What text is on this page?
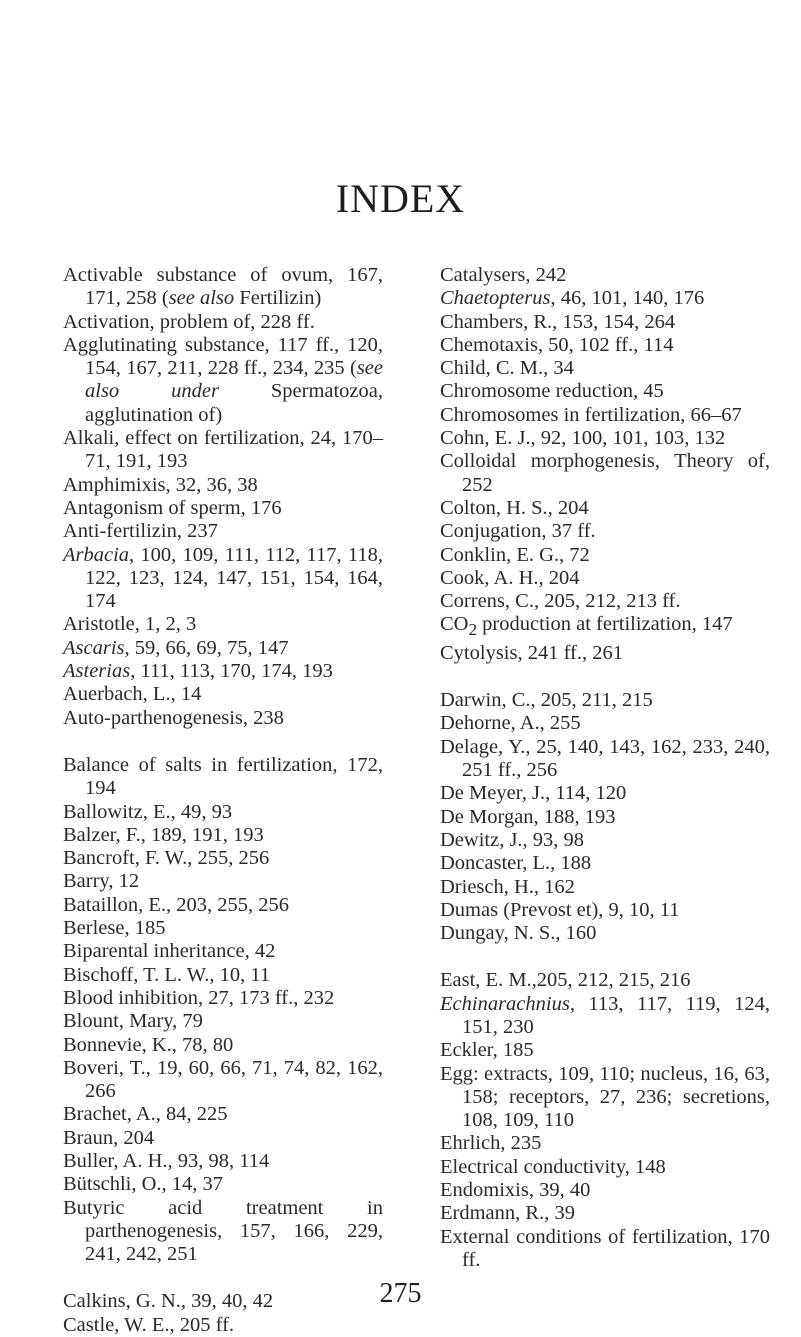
INDEX

Activable substance of ovum, 167, 171, 258 (see also Fertilizin)

Activation, problem of, 228 ff.

Agglutinating substance, 117 ff., 120, 154, 167, 211, 228 ff., 234, 235 (see also under Spermatozoa, agglutination of)

Alkali, effect on fertilization, 24, 170–71, 191, 193

Amphimixis, 32, 36, 38

Antagonism of sperm, 176

Anti-fertilizin, 237

Arbacia, 100, 109, 111, 112, 117, 118, 122, 123, 124, 147, 151, 154, 164, 174

Aristotle, 1, 2, 3

Ascaris, 59, 66, 69, 75, 147

Asterias, 111, 113, 170, 174, 193

Auerbach, L., 14

Auto-parthenogenesis, 238

Balance of salts in fertilization, 172, 194

Ballowitz, E., 49, 93

Balzer, F., 189, 191, 193

Bancroft, F. W., 255, 256

Barry, 12

Bataillon, E., 203, 255, 256

Berlese, 185

Biparental inheritance, 42

Bischoff, T. L. W., 10, 11

Blood inhibition, 27, 173 ff., 232

Blount, Mary, 79

Bonnevie, K., 78, 80

Boveri, T., 19, 60, 66, 71, 74, 82, 162, 266

Brachet, A., 84, 225

Braun, 204

Buller, A. H., 93, 98, 114

Bütschli, O., 14, 37

Butyric acid treatment in parthenogenesis, 157, 166, 229, 241, 242, 251

Calkins, G. N., 39, 40, 42

Castle, W. E., 205 ff.

Catalysers, 242

Chaetopterus, 46, 101, 140, 176

Chambers, R., 153, 154, 264

Chemotaxis, 50, 102 ff., 114

Child, C. M., 34

Chromosome reduction, 45

Chromosomes in fertilization, 66–67

Cohn, E. J., 92, 100, 101, 103, 132

Colloidal morphogenesis, Theory of, 252

Colton, H. S., 204

Conjugation, 37 ff.

Conklin, E. G., 72

Cook, A. H., 204

Correns, C., 205, 212, 213 ff.

$CO_2$ production at fertilization, 147

Cytolysis, 241 ff., 261

Darwin, C., 205, 211, 215

Dehorne, A., 255

Delage, Y., 25, 140, 143, 162, 233, 240, 251 ff., 256

De Meyer, J., 114, 120

De Morgan, 188, 193

Dewitz, J., 93, 98

Doncaster, L., 188

Driesch, H., 162

Dumas (Prevost et), 9, 10, 11

Dungay, N. S., 160

East, E. M.,205, 212, 215, 216

Echinarachnius, 113, 117, 119, 124, 151, 230

Eckler, 185

Egg: extracts, 109, 110; nucleus, 16, 63, 158; receptors, 27, 236; secretions, 108, 109, 110

Ehrlich, 235

Electrical conductivity, 148

Endomixis, 39, 40

Erdmann, R., 39

External conditions of fertilization, 170 ff.

275
